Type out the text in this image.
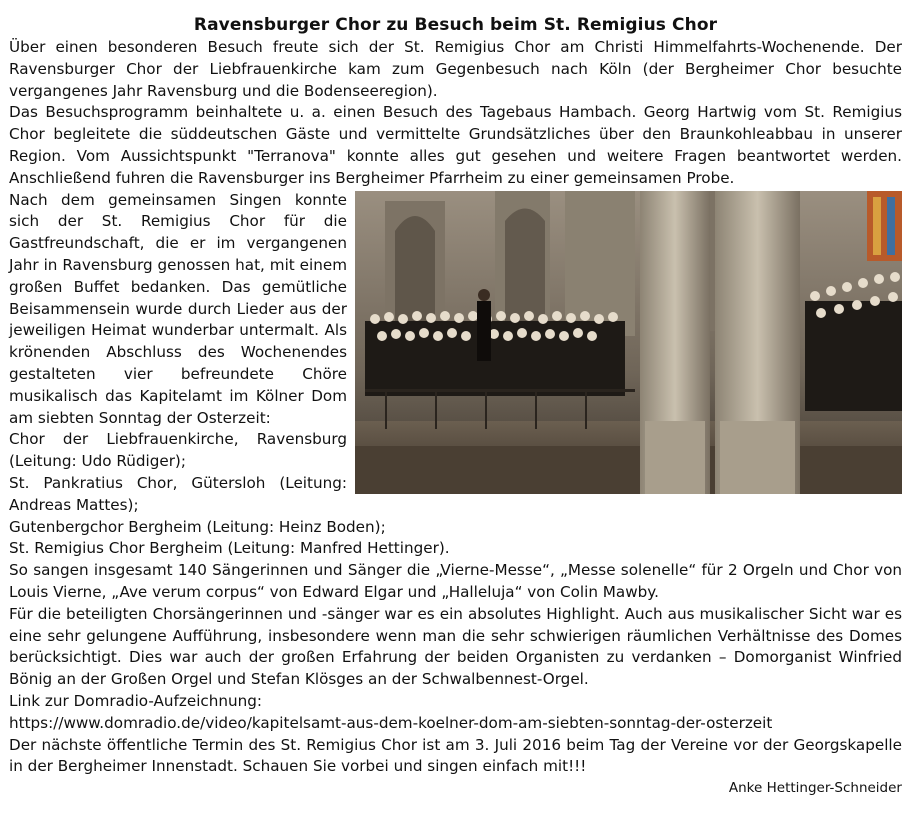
Ravensburger Chor zu Besuch beim St. Remigius Chor

Über einen besonderen Besuch freute sich der St. Remigius Chor am Christi Himmelfahrts-Wochenende. Der Ravensburger Chor der Liebfrauenkirche kam zum Gegenbesuch nach Köln (der Bergheimer Chor besuchte vergangenes Jahr Ravensburg und die Bodenseeregion).

Das Besuchsprogramm beinhaltete u. a. einen Besuch des Tagebaus Hambach. Georg Hartwig vom St. Remigius Chor begleitete die süddeutschen Gäste und vermittelte Grundsätzliches über den Braunkohleabbau in unserer Region. Vom Aussichtspunkt "Terranova" konnte alles gut gesehen und weitere Fragen beantwortet werden. Anschließend fuhren die Ravensburger ins Bergheimer Pfarrheim zu einer gemeinsamen Probe.

Nach dem gemeinsamen Singen konnte sich der St. Remigius Chor für die Gastfreundschaft, die er im vergangenen Jahr in Ravensburg genossen hat, mit einem großen Buffet bedanken. Das gemütliche Beisammensein wurde durch Lieder aus der jeweiligen Heimat wunderbar untermalt. Als krönenden Abschluss des Wochenendes gestalteten vier befreundete Chöre musikalisch das Kapitelamt im Kölner Dom am siebten Sonntag der Osterzeit:

Chor der Liebfrauenkirche, Ravensburg (Leitung: Udo Rüdiger);

St. Pankratius Chor, Gütersloh (Leitung: Andreas Mattes);

Gutenbergchor Bergheim (Leitung: Heinz Boden);

St. Remigius Chor Bergheim (Leitung: Manfred Hettinger).

So sangen insgesamt 140 Sängerinnen und Sänger die „Vierne-Messe“, „Messe solenelle“ für 2 Orgeln und Chor von Louis Vierne, „Ave verum corpus“ von Edward Elgar und „Halleluja“ von Colin Mawby.

Für die beteiligten Chorsängerinnen und -sänger war es ein absolutes Highlight. Auch aus musikalischer Sicht war es eine sehr gelungene Aufführung, insbesondere wenn man die sehr schwierigen räumlichen Verhältnisse des Domes berücksichtigt. Dies war auch der großen Erfahrung der beiden Organisten zu verdanken – Domorganist Winfried Bönig an der Großen Orgel und Stefan Klösges an der Schwalbennest-Orgel.

Link zur Domradio-Aufzeichnung:

https://www.domradio.de/video/kapitelsamt-aus-dem-koelner-dom-am-siebten-sonntag-der-osterzeit

Der nächste öffentliche Termin des St. Remigius Chor ist am 3. Juli 2016 beim Tag der Vereine vor der Georgskapelle in der Bergheimer Innenstadt. Schauen Sie vorbei und singen einfach mit!!!

Anke Hettinger-Schneider
